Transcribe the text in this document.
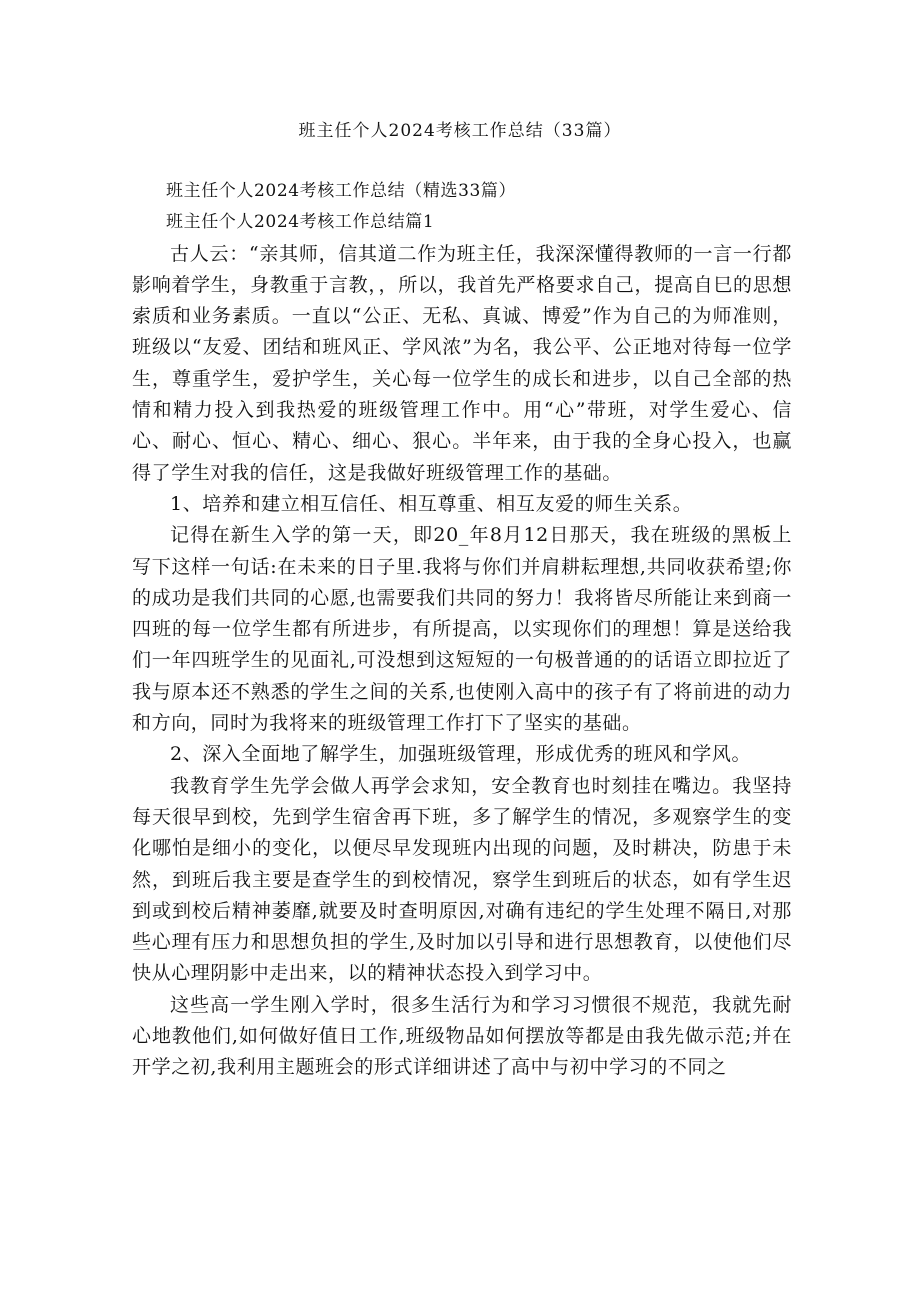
班主任个人2024考核工作总结（33篇）

班主任个人2024考核工作总结（精选33篇）

班主任个人2024考核工作总结篇1

古人云：“亲其师，信其道二作为班主任，我深深懂得教师的一言一行都影响着学生，身教重于言教，，所以，我首先严格要求自己，提高自巳的思想索质和业务素质。一直以“公正、无私、真诚、博爱”作为自己的为师准则，班级以“友爱、团结和班风正、学风浓”为名，我公平、公正地对待每一位学生，尊重学生，爱护学生，关心每一位学生的成长和进步，以自己全部的热情和精力投入到我热爱的班级管理工作中。用“心”带班，对学生爱心、信心、耐心、恒心、精心、细心、狠心。半年来，由于我的全身心投入，也赢得了学生对我的信任，这是我做好班级管理工作的基础。

1、培养和建立相互信任、相互尊重、相互友爱的师生关系。

记得在新生入学的第一天，即20_年8月12日那天，我在班级的黑板上写下这样一句话:在未来的日子里.我将与你们并肩耕耘理想,共同收获希望;你的成功是我们共同的心愿,也需要我们共同的努力！我将皆尽所能让来到商一四班的每一位学生都有所进步，有所提高，以实现你们的理想！算是送给我们一年四班学生的见面礼,可没想到这短短的一句极普通的的话语立即拉近了我与原本还不熟悉的学生之间的关系,也使刚入高中的孩子有了将前进的动力和方向，同时为我将来的班级管理工作打下了坚实的基础。

2、深入全面地了解学生，加强班级管理，形成优秀的班风和学风。

我教育学生先学会做人再学会求知，安全教育也时刻挂在嘴边。我坚持每天很早到校，先到学生宿舍再下班，多了解学生的情况，多观察学生的变化哪怕是细小的变化，以便尽早发现班内出现的问题，及时耕决，防患于未然，到班后我主要是查学生的到校情况，察学生到班后的状态，如有学生迟到或到校后精神萎靡,就要及时查明原因,对确有违纪的学生处理不隔日,对那些心理有压力和思想负担的学生,及时加以引导和进行思想教育，以使他们尽快从心理阴影中走出来，以的精神状态投入到学习中。

这些高一学生刚入学时，很多生活行为和学习习惯很不规范，我就先耐心地教他们,如何做好值日工作,班级物品如何摆放等都是由我先做示范;并在开学之初,我利用主题班会的形式详细讲述了高中与初中学习的不同之
